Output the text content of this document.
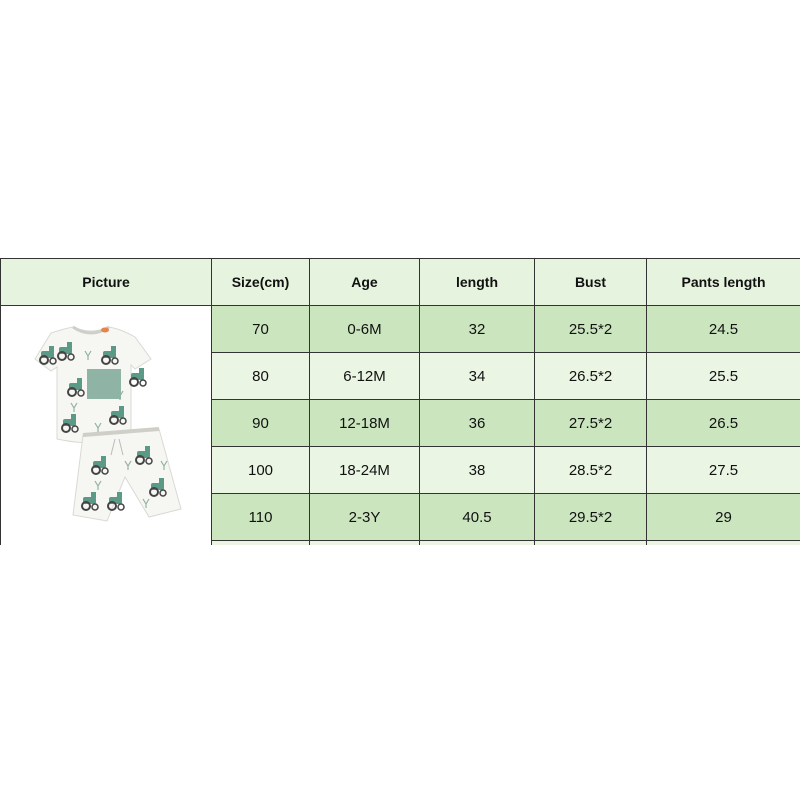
Picture	Size(cm)	Age	length	Bust	Pants length

	70	0-6M	32	25.5*2	24.5
	80	6-12M	34	26.5*2	25.5
	90	12-18M	36	27.5*2	26.5
	100	18-24M	38	28.5*2	27.5
	110	2-3Y	40.5	29.5*2	29
